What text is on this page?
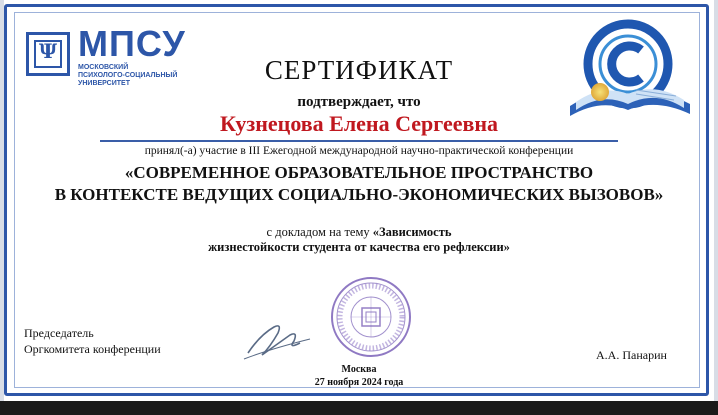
Ψ МПСУ
МОСКОВСКИЙ
ПСИХОЛОГО-СОЦИАЛЬНЫЙ
УНИВЕРСИТЕТ	СЕРТИФИКАТ
подтверждает, что
Кузнецова Елена Сергеевна
принял(-а) участие в III Ежегодной международной научно-практической конференции
«СОВРЕМЕННОЕ ОБРАЗОВАТЕЛЬНОЕ ПРОСТРАНСТВО
В КОНТЕКСТЕ ВЕДУЩИХ СОЦИАЛЬНО-ЭКОНОМИЧЕСКИХ ВЫЗОВОВ»
с докладом на тему «Зависимость
жизнестойкости студента от качества его рефлексии»
Председатель
Оргкомитета конференции	А.А. Панарин
Москва
27 ноября 2024 года
